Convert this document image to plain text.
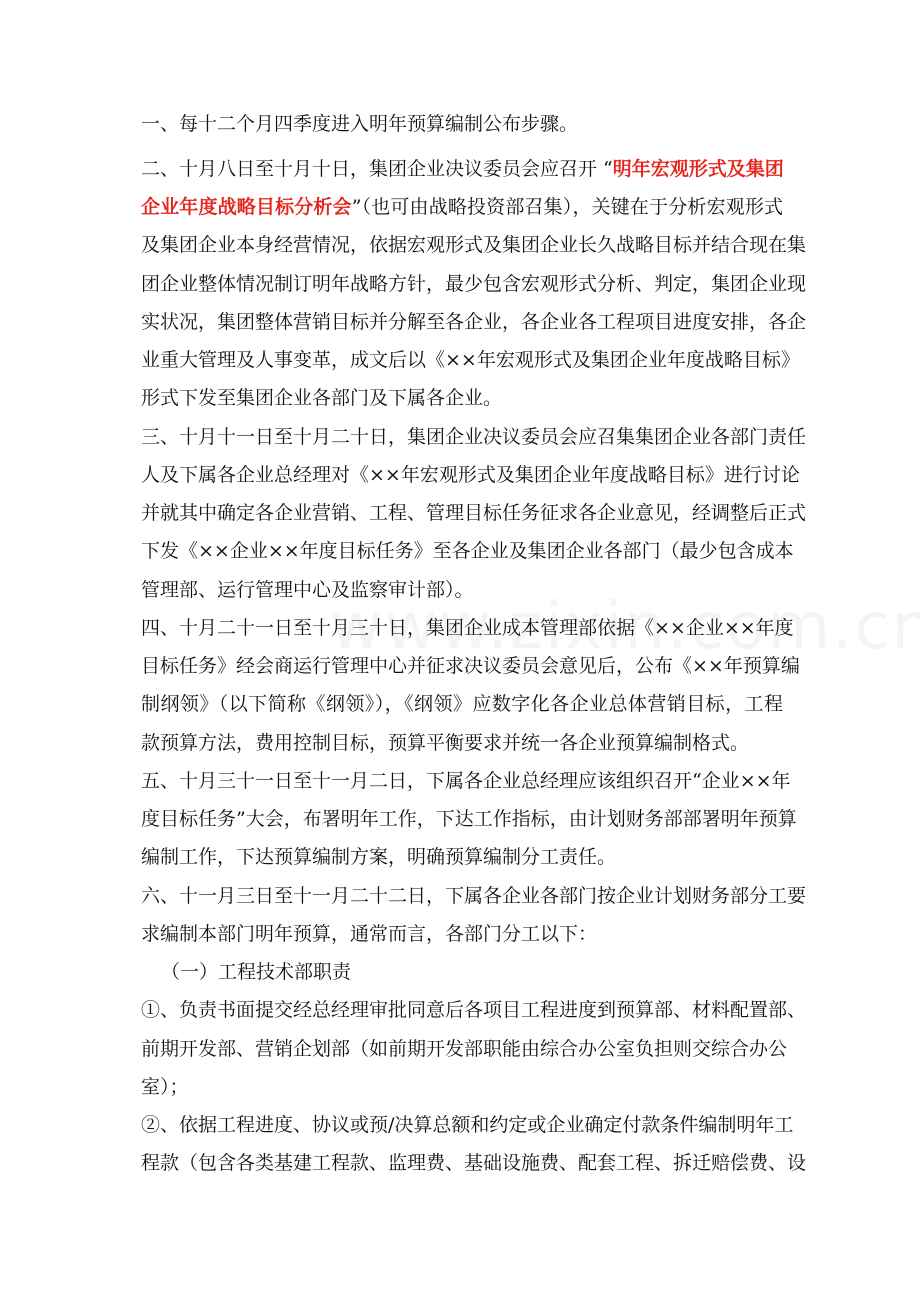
一、每十二个月四季度进入明年预算编制公布步骤。
二、十月八日至十月十日，集团企业决议委员会应召开 “明年宏观形式及集团
企业年度战略目标分析会”（也可由战略投资部召集），关键在于分析宏观形式
及集团企业本身经营情况，依据宏观形式及集团企业长久战略目标并结合现在集
团企业整体情况制订明年战略方针，最少包含宏观形式分析、判定，集团企业现
实状况，集团整体营销目标并分解至各企业，各企业各工程项目进度安排，各企
业重大管理及人事变革，成文后以《××年宏观形式及集团企业年度战略目标》
形式下发至集团企业各部门及下属各企业。
三、十月十一日至十月二十日，集团企业决议委员会应召集集团企业各部门责任
人及下属各企业总经理对《××年宏观形式及集团企业年度战略目标》进行讨论
并就其中确定各企业营销、工程、管理目标任务征求各企业意见，经调整后正式
下发《××企业××年度目标任务》至各企业及集团企业各部门（最少包含成本
管理部、运行管理中心及监察审计部）。
四、十月二十一日至十月三十日，集团企业成本管理部依据《××企业××年度
目标任务》经会商运行管理中心并征求决议委员会意见后，公布《××年预算编
制纲领》（以下简称《纲领》），《纲领》应数字化各企业总体营销目标，工程
款预算方法，费用控制目标，预算平衡要求并统一各企业预算编制格式。
五、十月三十一日至十一月二日，下属各企业总经理应该组织召开“企业××年
度目标任务”大会，布署明年工作，下达工作指标，由计划财务部部署明年预算
编制工作，下达预算编制方案，明确预算编制分工责任。
六、十一月三日至十一月二十二日，下属各企业各部门按企业计划财务部分工要
求编制本部门明年预算，通常而言，各部门分工以下：
（一）工程技术部职责
①、负责书面提交经总经理审批同意后各项目工程进度到预算部、材料配置部、
前期开发部、营销企划部（如前期开发部职能由综合办公室负担则交综合办公
室）；
②、依据工程进度、协议或预/决算总额和约定或企业确定付款条件编制明年工
程款（包含各类基建工程款、监理费、基础设施费、配套工程、拆迁赔偿费、设
